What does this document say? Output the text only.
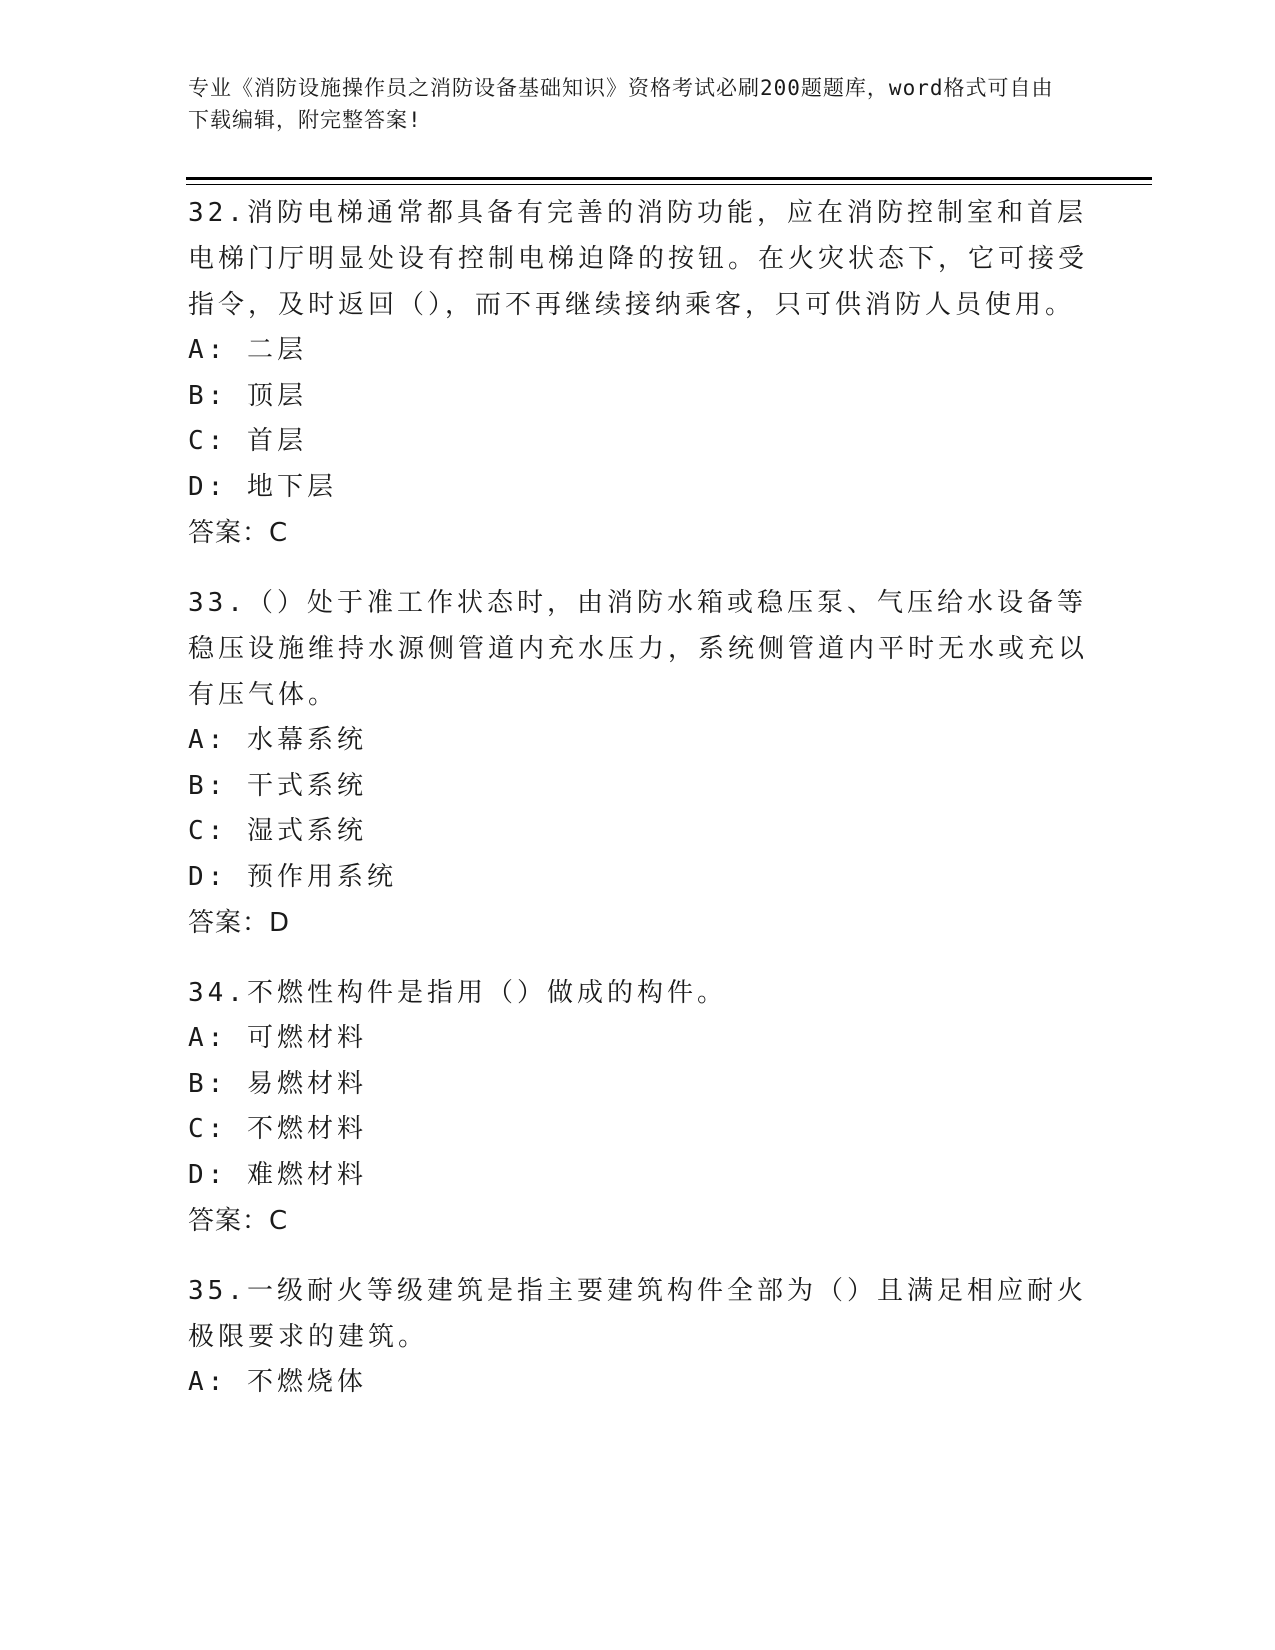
专业《消防设施操作员之消防设备基础知识》资格考试必刷200题题库，word格式可自由下载编辑，附完整答案!

32.消防电梯通常都具备有完善的消防功能，应在消防控制室和首层电梯门厅明显处设有控制电梯迫降的按钮。在火灾状态下，它可接受指令，及时返回（），而不再继续接纳乘客，只可供消防人员使用。

A: 二层

B: 顶层

C: 首层

D: 地下层

答案：C

33.（）处于准工作状态时，由消防水箱或稳压泵、气压给水设备等稳压设施维持水源侧管道内充水压力，系统侧管道内平时无水或充以有压气体。

A: 水幕系统

B: 干式系统

C: 湿式系统

D: 预作用系统

答案：D

34.不燃性构件是指用（）做成的构件。

A: 可燃材料

B: 易燃材料

C: 不燃材料

D: 难燃材料

答案：C

35.一级耐火等级建筑是指主要建筑构件全部为（）且满足相应耐火极限要求的建筑。

A: 不燃烧体
